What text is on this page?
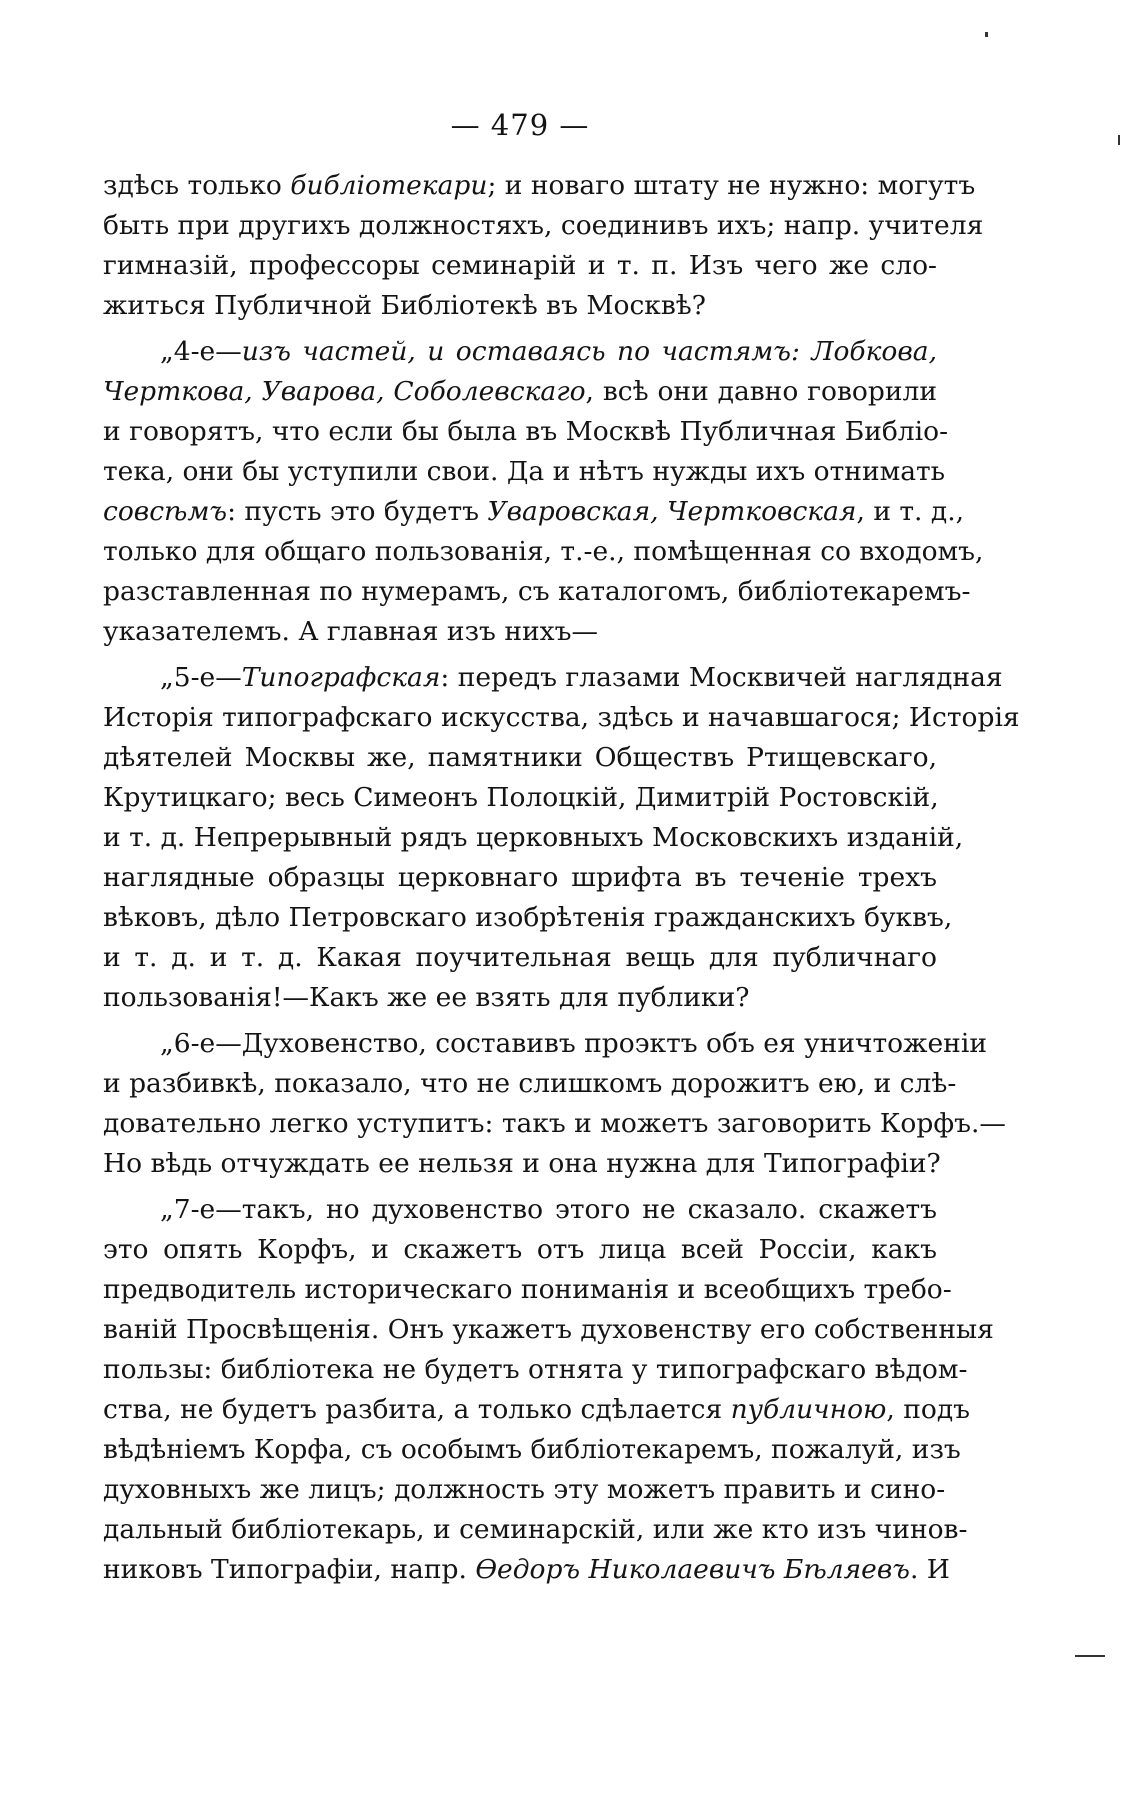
— 479 —
здѣсь только библіотекари; и новаго штату не нужно: могутъ
быть при другихъ должностяхъ, соединивъ ихъ; напр. учителя
гимназій, профессоры семинарій и т. п. Изъ чего же сло-
житься Публичной Библіотекѣ въ Москвѣ?
„4-е—изъ частей, и оставаясь по частямъ: Лобкова,
Черткова, Уварова, Соболевскаго, всѣ они давно говорили
и говорятъ, что если бы была въ Москвѣ Публичная Библіо-
тека, они бы уступили свои. Да и нѣтъ нужды ихъ отнимать
совсѣмъ: пусть это будетъ Уваровская, Чертковская, и т. д.,
только для общаго пользованія, т.-е., помѣщенная со входомъ,
разставленная по нумерамъ, съ каталогомъ, библіотекаремъ-
указателемъ. А главная изъ нихъ—
„5-е—Типографская: передъ глазами Москвичей наглядная
Исторія типографскаго искусства, здѣсь и начавшагося; Исторія
дѣятелей Москвы же, памятники Обществъ Ртищевскаго,
Крутицкаго; весь Симеонъ Полоцкій, Димитрій Ростовскій,
и т. д. Непрерывный рядъ церковныхъ Московскихъ изданій,
наглядные образцы церковнаго шрифта въ теченіе трехъ
вѣковъ, дѣло Петровскаго изобрѣтенія гражданскихъ буквъ,
и т. д. и т. д. Какая поучительная вещь для публичнаго
пользованія!—Какъ же ее взять для публики?
„6-е—Духовенство, составивъ проэктъ объ ея уничтоженіи
и разбивкѣ, показало, что не слишкомъ дорожитъ ею, и слѣ-
довательно легко уступитъ: такъ и можетъ заговорить Корфъ.—
Но вѣдь отчуждать ее нельзя и она нужна для Типографіи?
„7-е—такъ, но духовенство этого не сказало. скажетъ
это опять Корфъ, и скажетъ отъ лица всей Россіи, какъ
предводитель историческаго пониманія и всеобщихъ требо-
ваній Просвѣщенія. Онъ укажетъ духовенству его собственныя
пользы: библіотека не будетъ отнята у типографскаго вѣдом-
ства, не будетъ разбита, а только сдѣлается публичною, подъ
вѣдѣніемъ Корфа, съ особымъ библіотекаремъ, пожалуй, изъ
духовныхъ же лицъ; должность эту можетъ править и сино-
дальный библіотекарь, и семинарскій, или же кто изъ чинов-
никовъ Типографіи, напр. Өедоръ Николаевичъ Бѣляевъ. И
